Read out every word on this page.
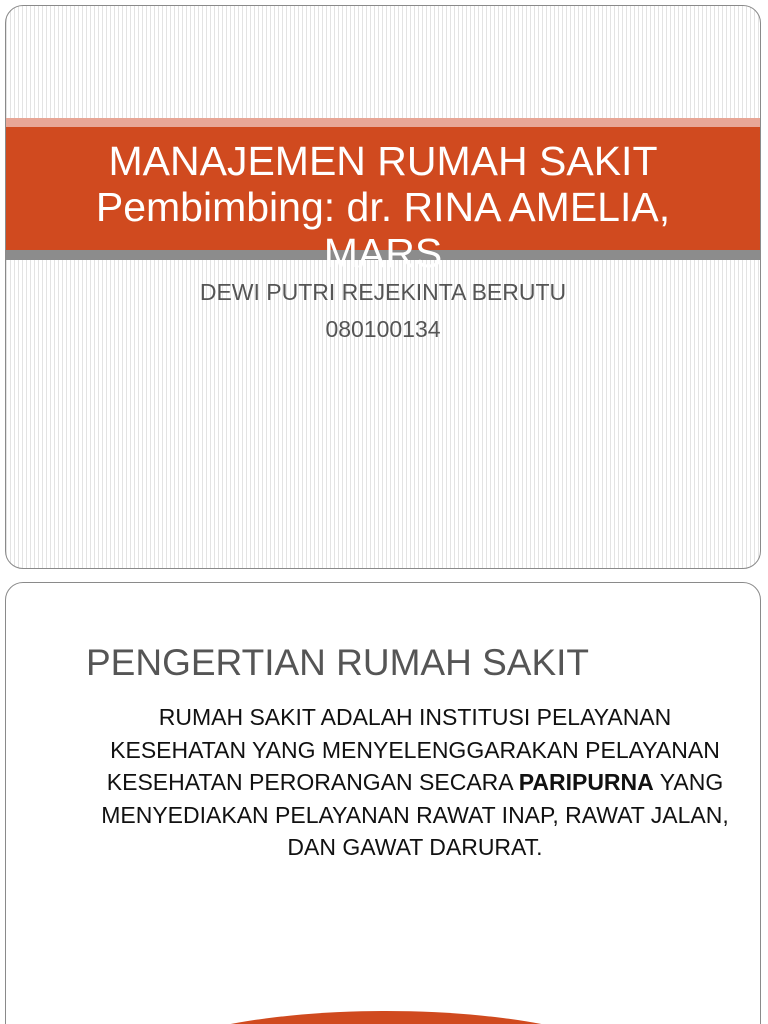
MANAJEMEN RUMAH SAKIT
Pembimbing: dr. RINA AMELIA, MARS

DEWI PUTRI REJEKINTA BERUTU

080100134

PENGERTIAN RUMAH SAKIT

RUMAH SAKIT ADALAH INSTITUSI PELAYANAN KESEHATAN YANG MENYELENGGARAKAN PELAYANAN KESEHATAN PERORANGAN SECARA PARIPURNA YANG MENYEDIAKAN PELAYANAN RAWAT INAP, RAWAT JALAN, DAN GAWAT DARURAT.
